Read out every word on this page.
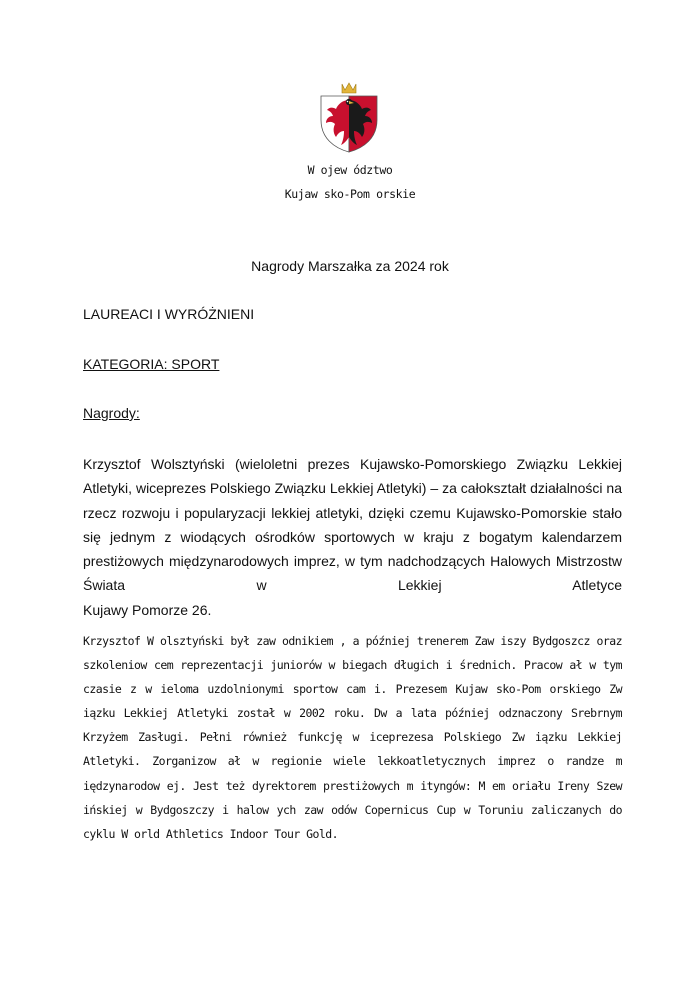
W ojew ództwo
Kujaw sko-Pom orskie
Nagrody Marszałka za 2024 rok
LAUREACI I WYRÓŻNIENI
KATEGORIA: SPORT
Nagrody:
Krzysztof Wolsztyński (wieloletni prezes Kujawsko-Pomorskiego Związku Lekkiej Atletyki, wiceprezes Polskiego Związku Lekkiej Atletyki) – za całokształt działalności na rzecz rozwoju i popularyzacji lekkiej atletyki, dzięki czemu Kujawsko-Pomorskie stało się jednym z wiodących ośrodków sportowych w kraju z bogatym kalendarzem prestiżowych międzynarodowych imprez, w tym nadchodzących Halowych Mistrzostw Świata w Lekkiej Atletyce
Kujawy Pomorze 26.
Krzysztof W olsztyński był zaw odnikiem , a później trenerem Zaw iszy Bydgoszcz oraz szkoleniow cem reprezentacji juniorów w biegach długich i średnich. Pracow ał w tym czasie z w ieloma uzdolnionymi sportow cam i. Prezesem Kujaw sko-Pom orskiego Zw iązku Lekkiej Atletyki został w 2002 roku. Dw a lata później odznaczony Srebrnym Krzyżem Zasługi. Pełni również funkcję w iceprezesa Polskiego Zw iązku Lekkiej Atletyki. Zorganizow ał w regionie wiele lekkoatletycznych imprez o randze m iędzynarodow ej. Jest też dyrektorem prestiżowych m ityngów: M em oriału Ireny Szew ińskiej w Bydgoszczy i halow ych zaw odów Copernicus Cup w Toruniu zaliczanych do cyklu W orld Athletics Indoor Tour Gold.
